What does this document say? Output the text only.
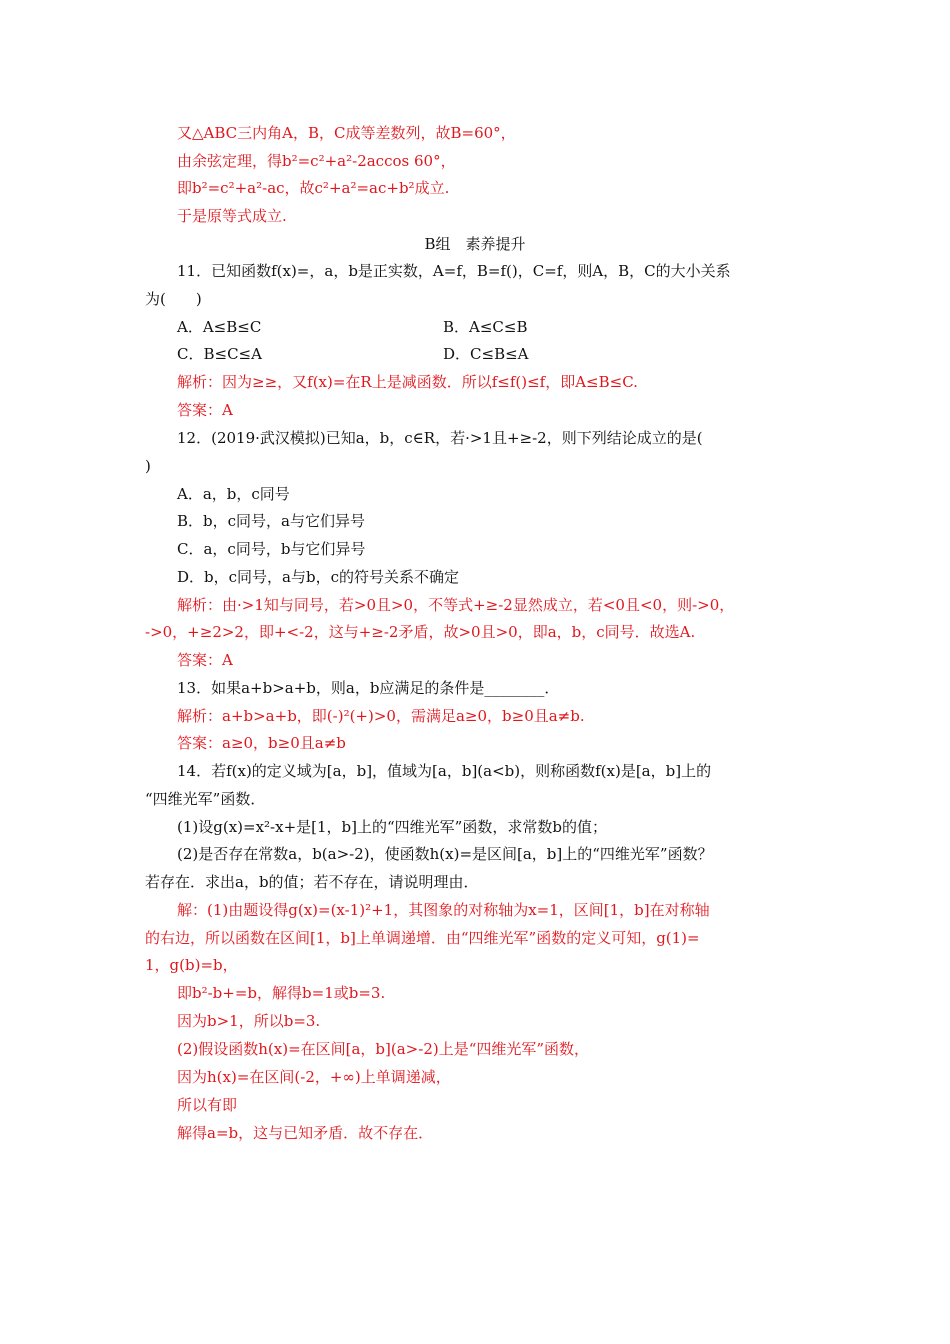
又△ABC三内角A，B，C成等差数列，故B=60°，
由余弦定理，得b²=c²+a²-2accos 60°，
即b²=c²+a²-ac，故c²+a²=ac+b²成立.
于是原等式成立.
B组　素养提升
11．已知函数f(x)=，a，b是正实数，A=f，B=f()，C=f，则A，B，C的大小关系
为(　　)
A．A≤B≤C	B．A≤C≤B
C．B≤C≤A	D．C≤B≤A
解析：因为≥≥，又f(x)=在R上是减函数．所以f≤f()≤f，即A≤B≤C.
答案：A
12．(2019·武汉模拟)已知a，b，c∈R，若·>1且+≥-2，则下列结论成立的是(
)
A．a，b，c同号
B．b，c同号，a与它们异号
C．a，c同号，b与它们异号
D．b，c同号，a与b，c的符号关系不确定
解析：由·>1知与同号，若>0且>0，不等式+≥-2显然成立，若<0且<0，则->0，
->0，+≥2>2，即+<-2，这与+≥-2矛盾，故>0且>0，即a，b，c同号．故选A.
答案：A
13．如果a+b>a+b，则a，b应满足的条件是________．
解析：a+b>a+b，即(-)²(+)>0，需满足a≥0，b≥0且a≠b.
答案：a≥0，b≥0且a≠b
14．若f(x)的定义域为[a，b]，值域为[a，b](a<b)，则称函数f(x)是[a，b]上的
“四维光军”函数．
(1)设g(x)=x²-x+是[1，b]上的“四维光军”函数，求常数b的值；
(2)是否存在常数a，b(a>-2)，使函数h(x)=是区间[a，b]上的“四维光军”函数？
若存在．求出a，b的值；若不存在，请说明理由．
解：(1)由题设得g(x)=(x-1)²+1，其图象的对称轴为x=1，区间[1，b]在对称轴
的右边，所以函数在区间[1，b]上单调递增．由“四维光军”函数的定义可知，g(1)=
1，g(b)=b，
即b²-b+=b，解得b=1或b=3.
因为b>1，所以b=3.
(2)假设函数h(x)=在区间[a，b](a>-2)上是“四维光军”函数，
因为h(x)=在区间(-2，+∞)上单调递减，
所以有即
解得a=b，这与已知矛盾．故不存在．
